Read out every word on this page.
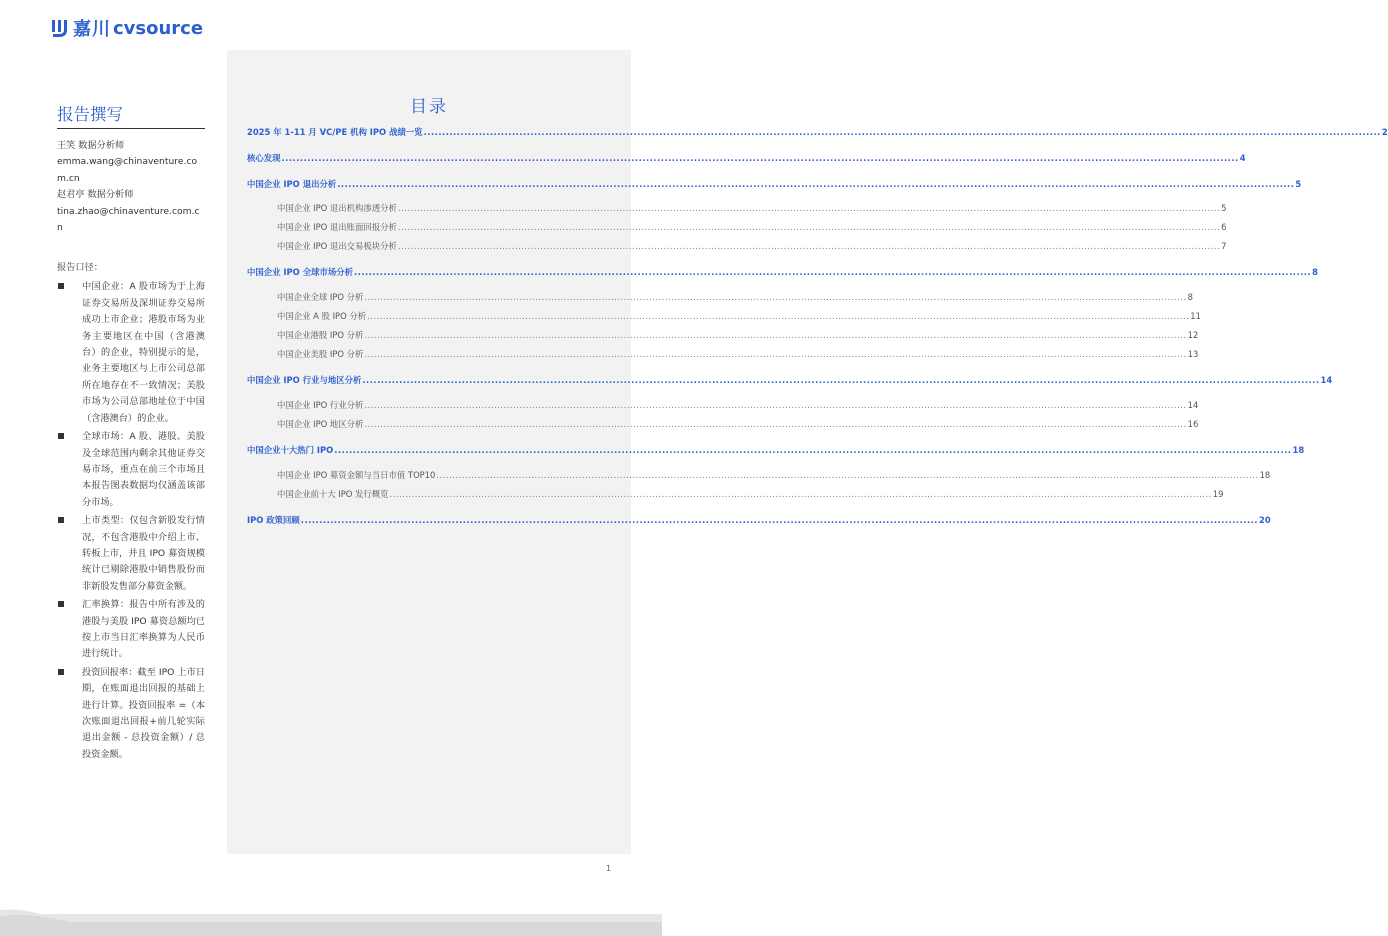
嘉川 cvsource
报告撰写
王笑 数据分析师
emma.wang@chinaventure.com.cn
赵君亭 数据分析师
tina.zhao@chinaventure.com.cn
报告口径：
中国企业：A 股市场为于上海证券交易所及深圳证券交易所成功上市企业；港股市场为业务主要地区在中国（含港澳台）的企业，特别提示的是，业务主要地区与上市公司总部所在地存在不一致情况；美股市场为公司总部地址位于中国（含港澳台）的企业。
全球市场：A 股、港股、美股及全球范围内剩余其他证券交易市场，重点在前三个市场且本报告图表数据均仅涵盖该部分市场。
上市类型：仅包含新股发行情况，不包含港股中介绍上市、转板上市，并且 IPO 募资规模统计已剔除港股中销售股份而非新股发售部分募资金额。
汇率换算：报告中所有涉及的港股与美股 IPO 募资总额均已按上市当日汇率换算为人民币进行统计。
投资回报率：截至 IPO 上市日期，在账面退出回报的基础上进行计算。投资回报率 =（本次账面退出回报+前几轮实际退出金额 - 总投资金额）/ 总投资金额。
目录
2025 年 1-11 月 VC/PE 机构 IPO 战绩一览 .................................................................................................................................................................................................................................................................... 2
核心发现 .................................................................................................................................................................................................................................................................... 4
中国企业 IPO 退出分析 .................................................................................................................................................................................................................................................................... 5
中国企业 IPO 退出机构渗透分析 .................................................................................................................................................................................................................................................................... 5
中国企业 IPO 退出账面回报分析 .................................................................................................................................................................................................................................................................... 6
中国企业 IPO 退出交易板块分析 .................................................................................................................................................................................................................................................................... 7
中国企业 IPO 全球市场分析 .................................................................................................................................................................................................................................................................... 8
中国企业全球 IPO 分析 .................................................................................................................................................................................................................................................................... 8
中国企业 A 股 IPO 分析 .................................................................................................................................................................................................................................................................... 11
中国企业港股 IPO 分析 .................................................................................................................................................................................................................................................................... 12
中国企业美股 IPO 分析 .................................................................................................................................................................................................................................................................... 13
中国企业 IPO 行业与地区分析 .................................................................................................................................................................................................................................................................... 14
中国企业 IPO 行业分析 .................................................................................................................................................................................................................................................................... 14
中国企业 IPO 地区分析 .................................................................................................................................................................................................................................................................... 16
中国企业十大热门 IPO .................................................................................................................................................................................................................................................................... 18
中国企业 IPO 募资金额与当日市值 TOP10 .................................................................................................................................................................................................................................................................... 18
中国企业前十大 IPO 发行概览 .................................................................................................................................................................................................................................................................... 19
IPO 政策回顾 .................................................................................................................................................................................................................................................................... 20
1
